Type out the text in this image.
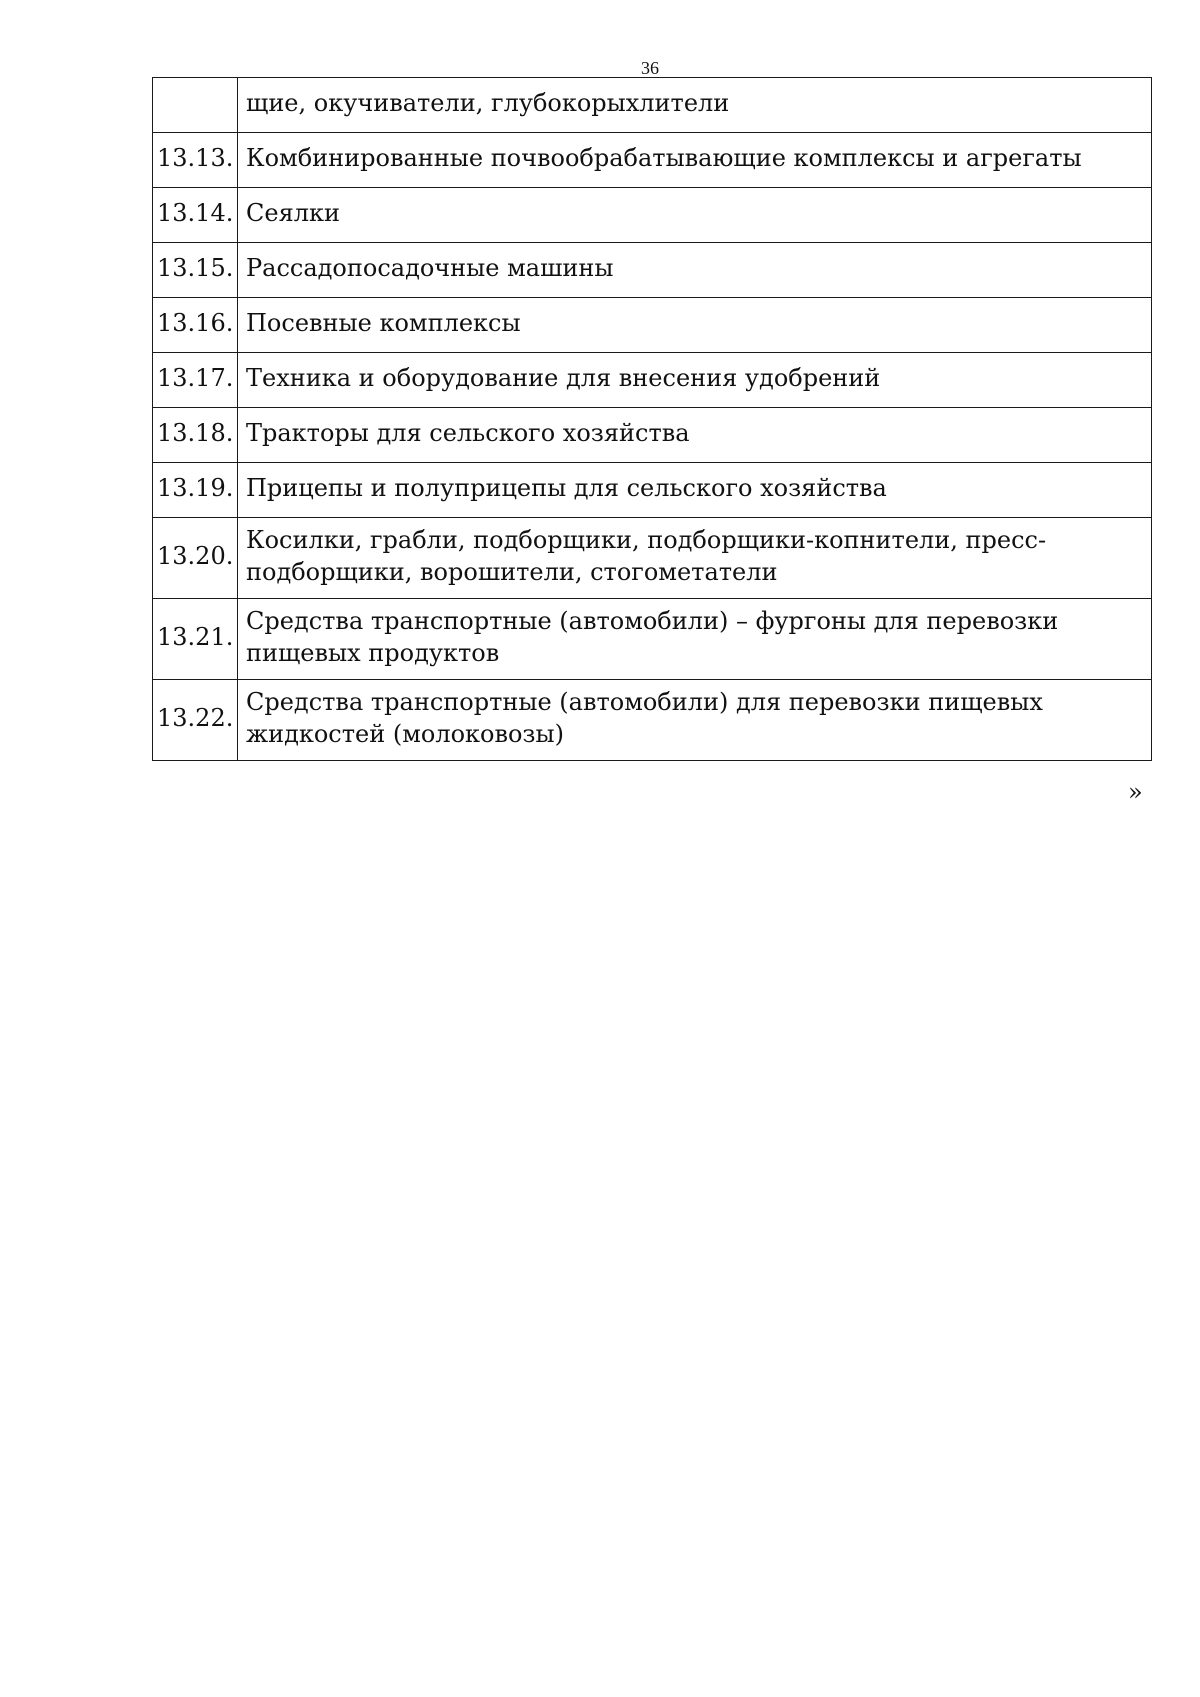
36
	щие, окучиватели, глубокорыхлители
13.13.	Комбинированные почвообрабатывающие комплексы и агрегаты
13.14.	Сеялки
13.15.	Рассадопосадочные машины
13.16.	Посевные комплексы
13.17.	Техника и оборудование для внесения удобрений
13.18.	Тракторы для сельского хозяйства
13.19.	Прицепы и полуприцепы для сельского хозяйства
13.20.	Косилки, грабли, подборщики, подборщики-копнители, пресс-подборщики, ворошители, стогометатели
13.21.	Средства транспортные (автомобили) – фургоны для перевозки пищевых продуктов
13.22.	Средства транспортные (автомобили) для перевозки пищевых жидкостей (молоковозы)
»
